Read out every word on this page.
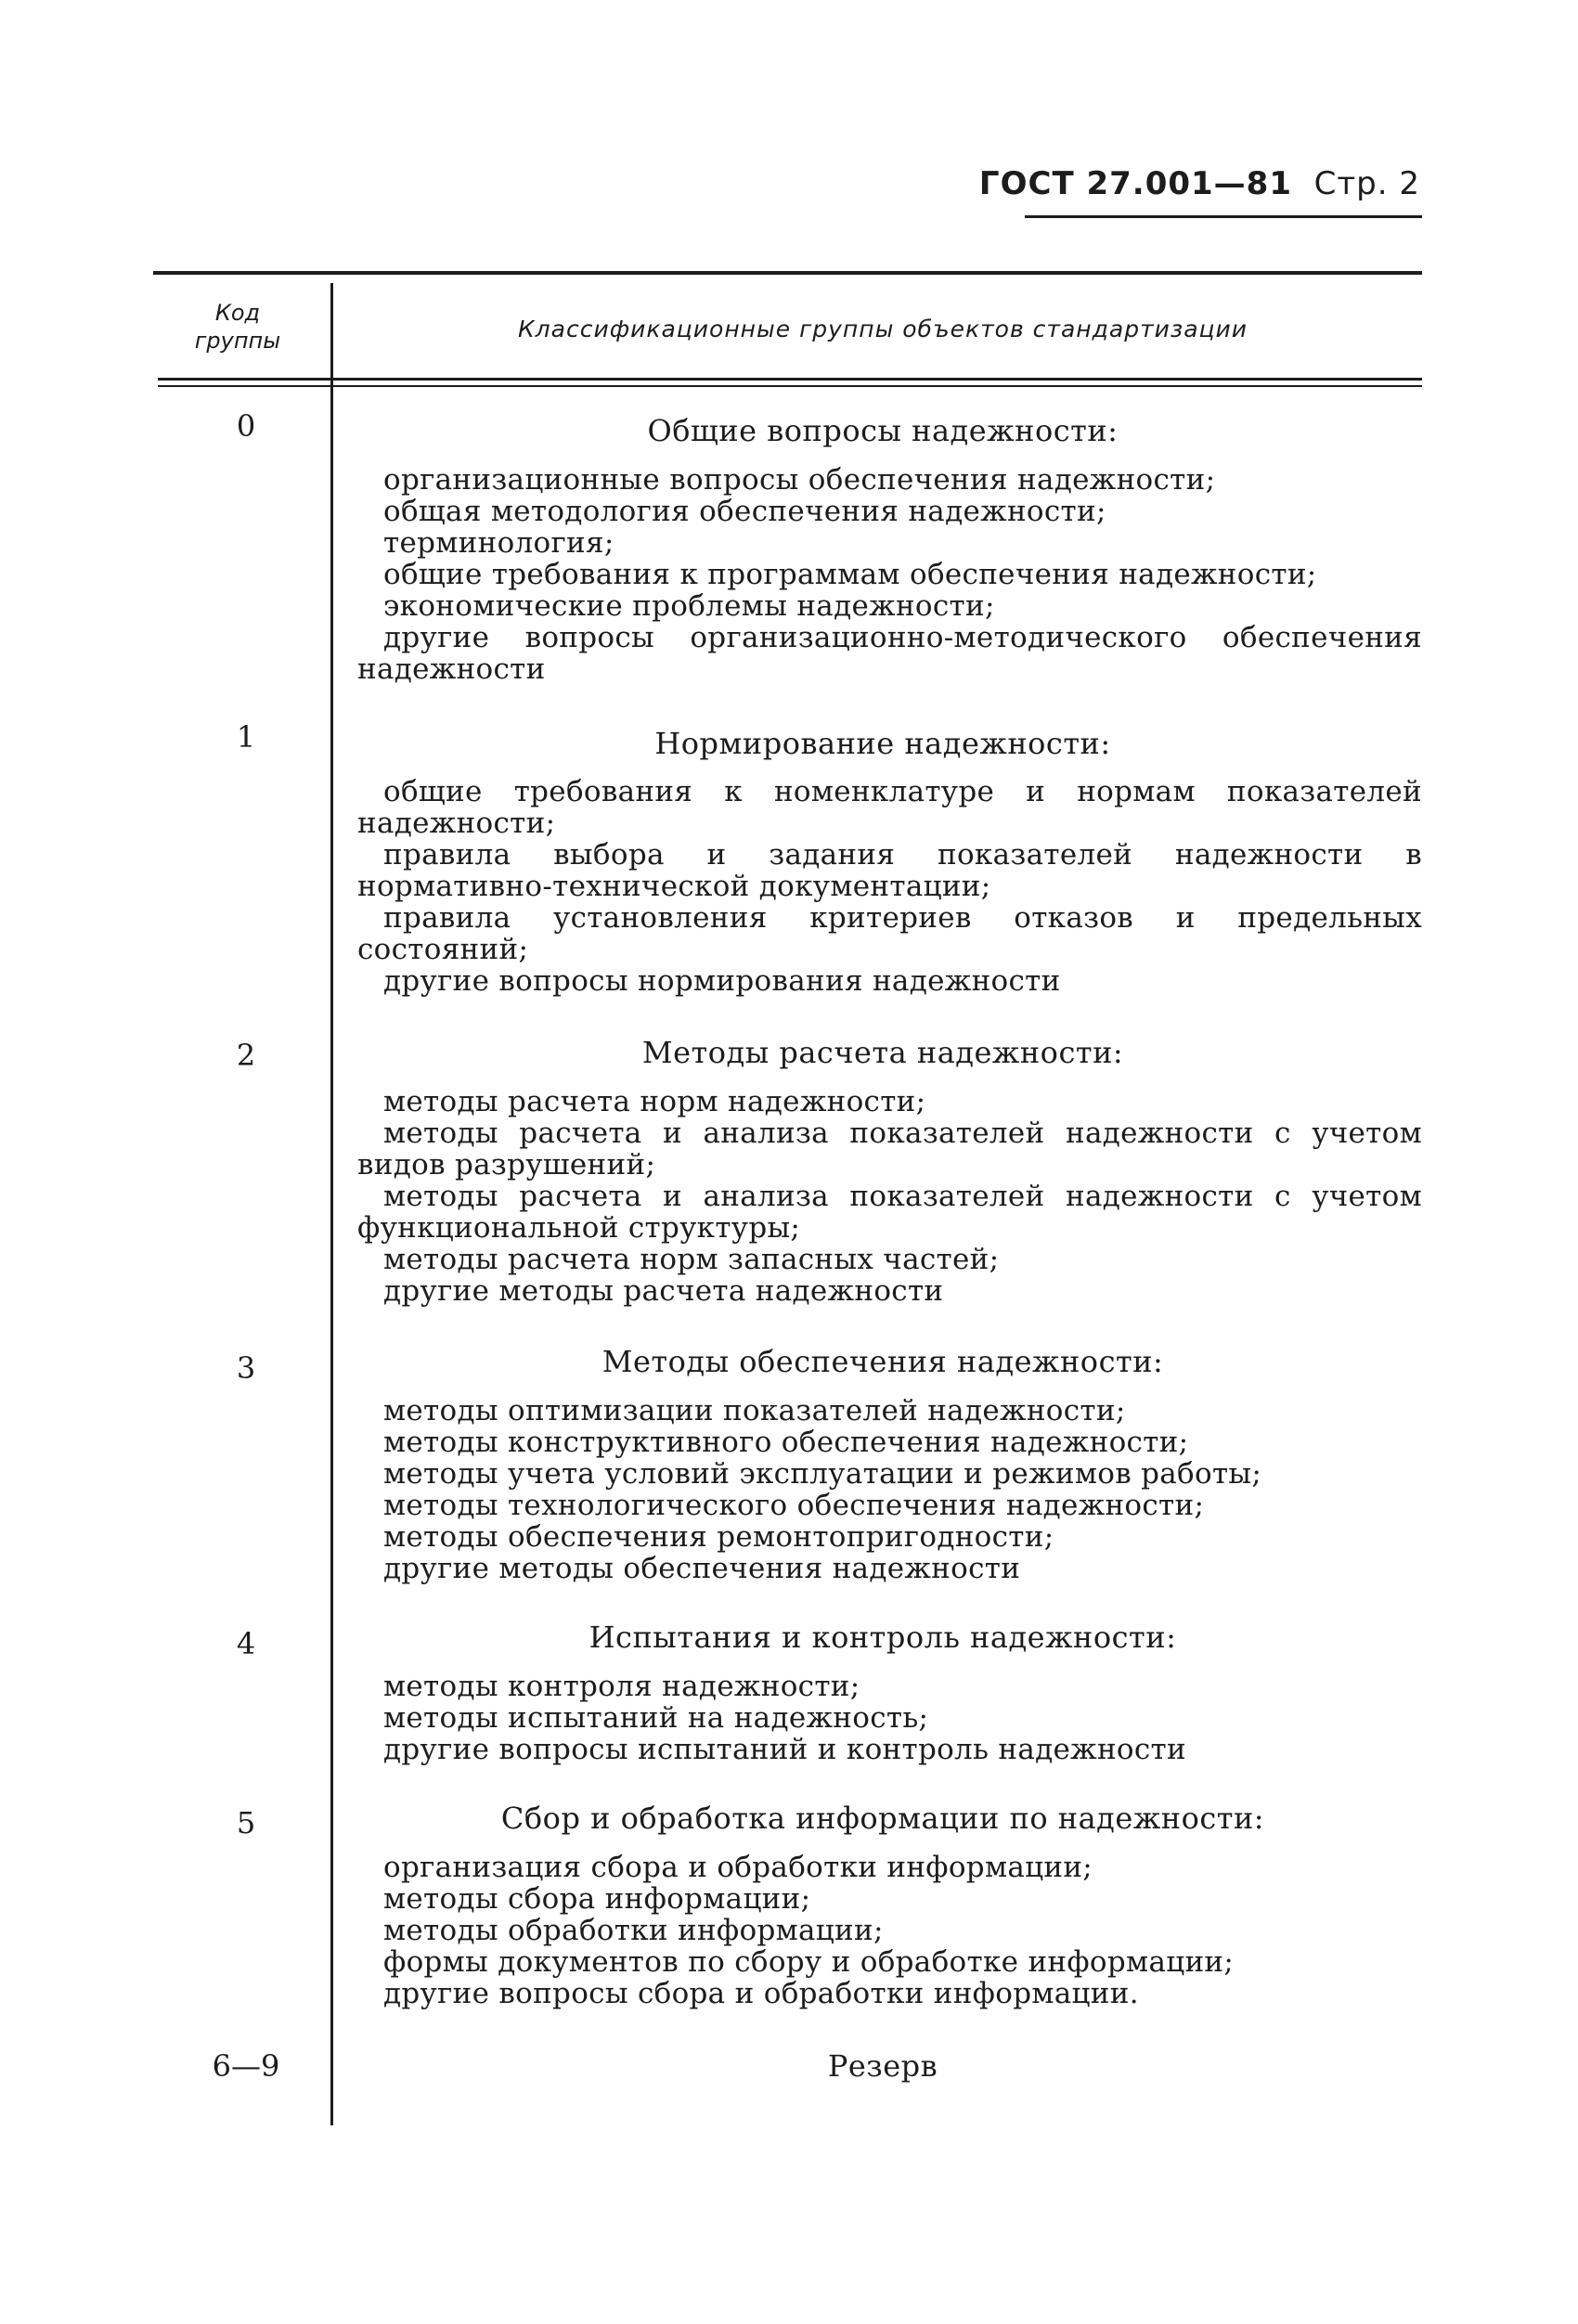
ГОСТ 27.001—81 Стр. 2
Код
группы	Классификационные группы объектов стандартизации
0	Общие вопросы надежности:
организационные вопросы обеспечения надежности;
общая методология обеспечения надежности;
терминология;
общие требования к программам обеспечения надежности;
экономические проблемы надежности;
другие вопросы организационно-методического обеспечения надежности
1	Нормирование надежности:
общие требования к номенклатуре и нормам показателей надежности;
правила выбора и задания показателей надежности в нормативно-технической документации;
правила установления критериев отказов и предельных состояний;
другие вопросы нормирования надежности
2	Методы расчета надежности:
методы расчета норм надежности;
методы расчета и анализа показателей надежности с учетом видов разрушений;
методы расчета и анализа показателей надежности с учетом функциональной структуры;
методы расчета норм запасных частей;
другие методы расчета надежности
3	Методы обеспечения надежности:
методы оптимизации показателей надежности;
методы конструктивного обеспечения надежности;
методы учета условий эксплуатации и режимов работы;
методы технологического обеспечения надежности;
методы обеспечения ремонтопригодности;
другие методы обеспечения надежности
4	Испытания и контроль надежности:
методы контроля надежности;
методы испытаний на надежность;
другие вопросы испытаний и контроль надежности
5	Сбор и обработка информации по надежности:
организация сбора и обработки информации;
методы сбора информации;
методы обработки информации;
формы документов по сбору и обработке информации;
другие вопросы сбора и обработки информации.
6—9	Резерв
